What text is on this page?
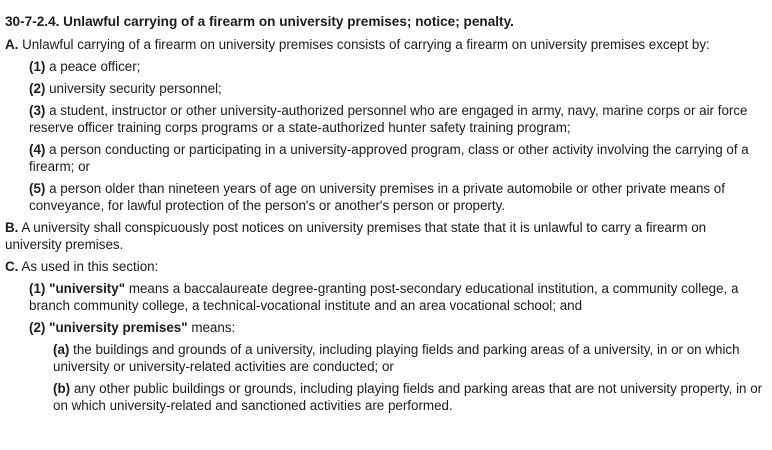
30-7-2.4. Unlawful carrying of a firearm on university premises; notice; penalty.
A. Unlawful carrying of a firearm on university premises consists of carrying a firearm on university premises except by:
(1) a peace officer;
(2) university security personnel;
(3) a student, instructor or other university-authorized personnel who are engaged in army, navy, marine corps or air force reserve officer training corps programs or a state-authorized hunter safety training program;
(4) a person conducting or participating in a university-approved program, class or other activity involving the carrying of a firearm; or
(5) a person older than nineteen years of age on university premises in a private automobile or other private means of conveyance, for lawful protection of the person's or another's person or property.
B. A university shall conspicuously post notices on university premises that state that it is unlawful to carry a firearm on university premises.
C. As used in this section:
(1) "university" means a baccalaureate degree-granting post-secondary educational institution, a community college, a branch community college, a technical-vocational institute and an area vocational school; and
(2) "university premises" means:
(a) the buildings and grounds of a university, including playing fields and parking areas of a university, in or on which university or university-related activities are conducted; or
(b) any other public buildings or grounds, including playing fields and parking areas that are not university property, in or on which university-related and sanctioned activities are performed.
